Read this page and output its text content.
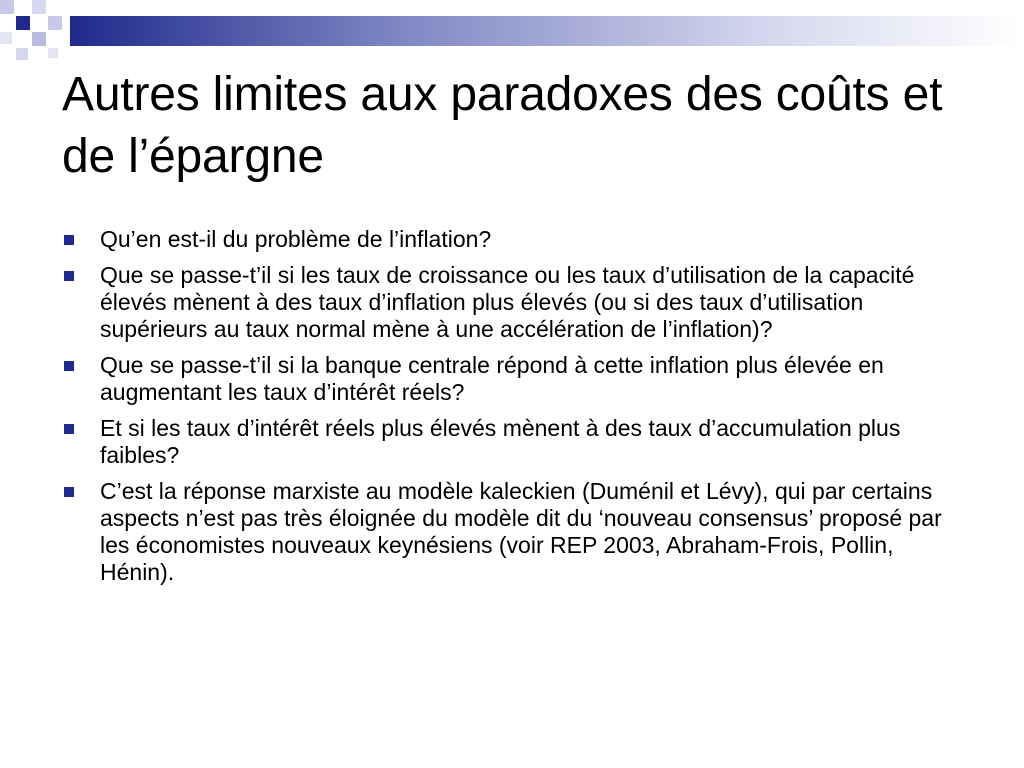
Autres limites aux paradoxes des coûts et de l’épargne
Qu’en est-il du problème de l’inflation?
Que se passe-t’il si les taux de croissance ou les taux d’utilisation de la capacité élevés mènent à des taux d’inflation plus élevés (ou si des taux d’utilisation supérieurs au taux normal mène à une accélération de l’inflation)?
Que se passe-t’il si la banque centrale répond à cette inflation plus élevée en augmentant les taux d’intérêt réels?
Et si les taux d’intérêt réels plus élevés mènent à des taux d’accumulation plus faibles?
C’est la réponse marxiste au modèle kaleckien (Duménil et Lévy), qui par certains aspects n’est pas très éloignée du modèle dit du ‘nouveau consensus’ proposé par les économistes nouveaux keynésiens (voir REP 2003, Abraham-Frois, Pollin, Hénin).
